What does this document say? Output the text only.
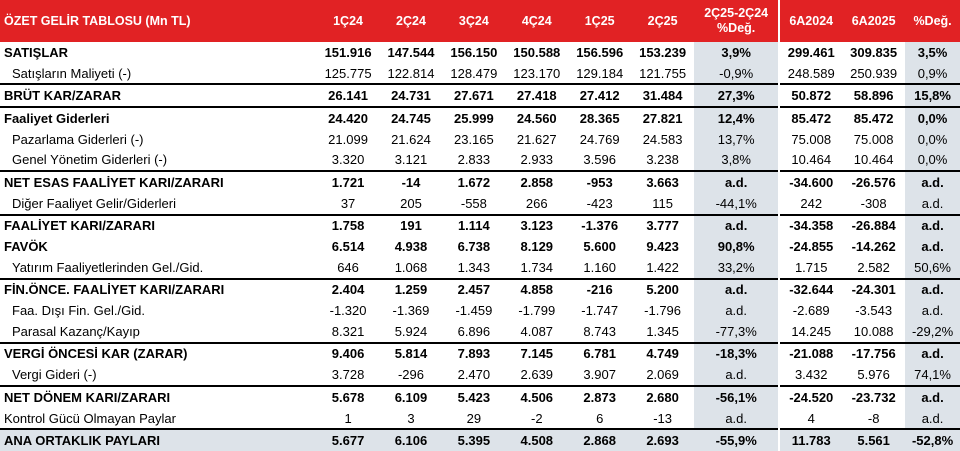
ÖZET GELİR TABLOSU (Mn TL)	1Ç24	2Ç24	3Ç24	4Ç24	1Ç25	2Ç25	2Ç25-2Ç24
%Değ.	6A2024	6A2025	%Değ.
SATIŞLAR	151.916	147.544	156.150	150.588	156.596	153.239	3,9%	299.461	309.835	3,5%
Satışların Maliyeti (-)	125.775	122.814	128.479	123.170	129.184	121.755	-0,9%	248.589	250.939	0,9%
BRÜT KAR/ZARAR	26.141	24.731	27.671	27.418	27.412	31.484	27,3%	50.872	58.896	15,8%
Faaliyet Giderleri	24.420	24.745	25.999	24.560	28.365	27.821	12,4%	85.472	85.472	0,0%
Pazarlama Giderleri (-)	21.099	21.624	23.165	21.627	24.769	24.583	13,7%	75.008	75.008	0,0%
Genel Yönetim Giderleri (-)	3.320	3.121	2.833	2.933	3.596	3.238	3,8%	10.464	10.464	0,0%
NET ESAS FAALİYET KARI/ZARARI	1.721	-14	1.672	2.858	-953	3.663	a.d.	-34.600	-26.576	a.d.
Diğer Faaliyet Gelir/Giderleri	37	205	-558	266	-423	115	-44,1%	242	-308	a.d.
FAALİYET KARI/ZARARI	1.758	191	1.114	3.123	-1.376	3.777	a.d.	-34.358	-26.884	a.d.
FAVÖK	6.514	4.938	6.738	8.129	5.600	9.423	90,8%	-24.855	-14.262	a.d.
Yatırım Faaliyetlerinden Gel./Gid.	646	1.068	1.343	1.734	1.160	1.422	33,2%	1.715	2.582	50,6%
FİN.ÖNCE. FAALİYET KARI/ZARARI	2.404	1.259	2.457	4.858	-216	5.200	a.d.	-32.644	-24.301	a.d.
Faa. Dışı Fin. Gel./Gid.	-1.320	-1.369	-1.459	-1.799	-1.747	-1.796	a.d.	-2.689	-3.543	a.d.
Parasal Kazanç/Kayıp	8.321	5.924	6.896	4.087	8.743	1.345	-77,3%	14.245	10.088	-29,2%
VERGİ ÖNCESİ KAR (ZARAR)	9.406	5.814	7.893	7.145	6.781	4.749	-18,3%	-21.088	-17.756	a.d.
Vergi Gideri (-)	3.728	-296	2.470	2.639	3.907	2.069	a.d.	3.432	5.976	74,1%
NET DÖNEM KARI/ZARARI	5.678	6.109	5.423	4.506	2.873	2.680	-56,1%	-24.520	-23.732	a.d.
Kontrol Gücü Olmayan Paylar	1	3	29	-2	6	-13	a.d.	4	-8	a.d.
ANA ORTAKLIK PAYLARI	5.677	6.106	5.395	4.508	2.868	2.693	-55,9%	11.783	5.561	-52,8%
